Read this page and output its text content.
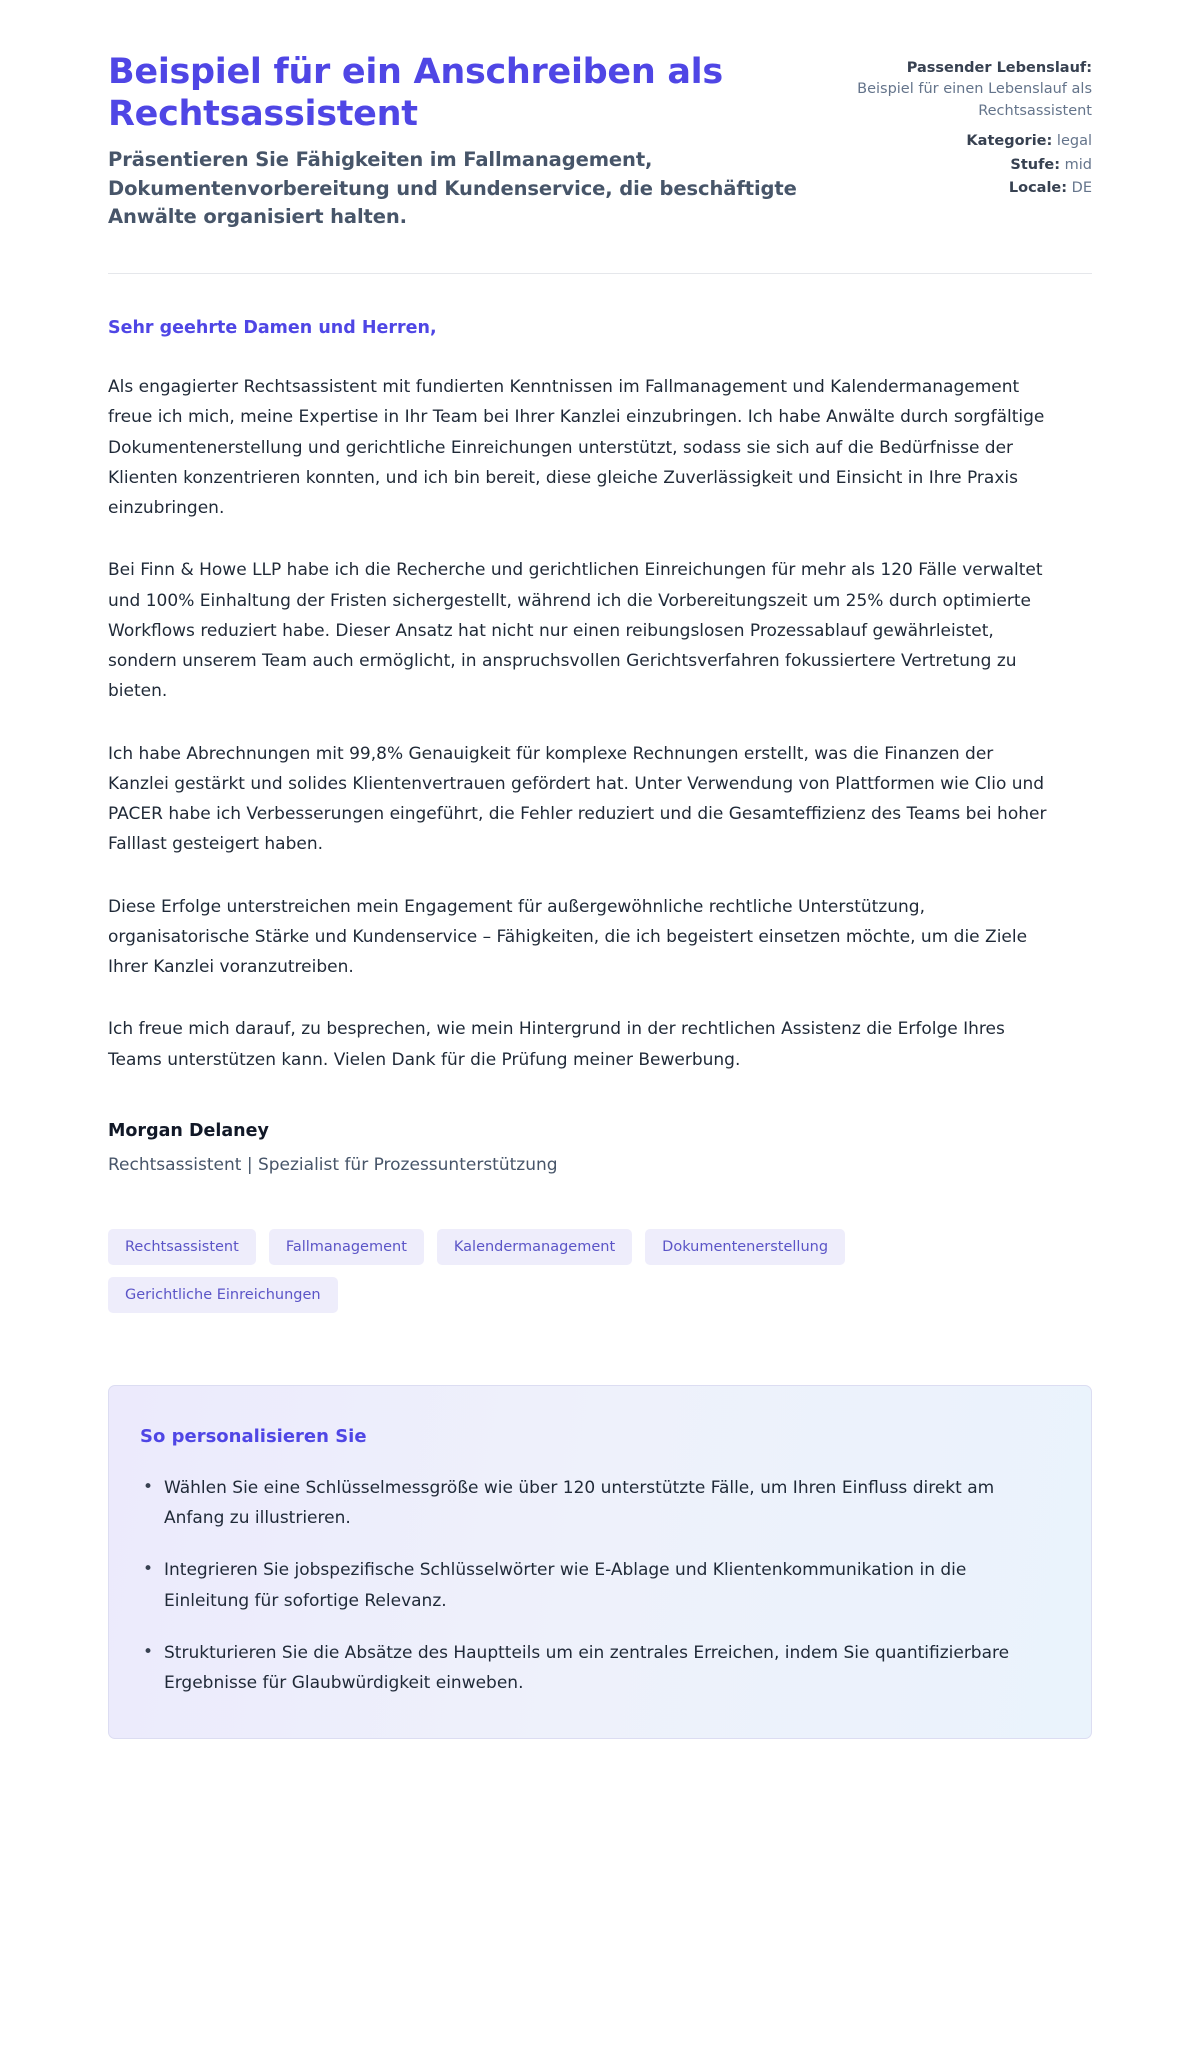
Beispiel für ein Anschreiben als Rechtsassistent

Präsentieren Sie Fähigkeiten im Fallmanagement, Dokumentenvorbereitung und Kundenservice, die beschäftigte Anwälte organisiert halten.

Passender Lebenslauf:
Beispiel für einen Lebenslauf als Rechtsassistent
Kategorie: legal
Stufe: mid
Locale: DE

Sehr geehrte Damen und Herren,

Als engagierter Rechtsassistent mit fundierten Kenntnissen im Fallmanagement und Kalendermanagement freue ich mich, meine Expertise in Ihr Team bei Ihrer Kanzlei einzubringen. Ich habe Anwälte durch sorgfältige Dokumentenerstellung und gerichtliche Einreichungen unterstützt, sodass sie sich auf die Bedürfnisse der Klienten konzentrieren konnten, und ich bin bereit, diese gleiche Zuverlässigkeit und Einsicht in Ihre Praxis einzubringen.

Bei Finn & Howe LLP habe ich die Recherche und gerichtlichen Einreichungen für mehr als 120 Fälle verwaltet und 100% Einhaltung der Fristen sichergestellt, während ich die Vorbereitungszeit um 25% durch optimierte Workflows reduziert habe. Dieser Ansatz hat nicht nur einen reibungslosen Prozessablauf gewährleistet, sondern unserem Team auch ermöglicht, in anspruchsvollen Gerichtsverfahren fokussiertere Vertretung zu bieten.

Ich habe Abrechnungen mit 99,8% Genauigkeit für komplexe Rechnungen erstellt, was die Finanzen der Kanzlei gestärkt und solides Klientenvertrauen gefördert hat. Unter Verwendung von Plattformen wie Clio und PACER habe ich Verbesserungen eingeführt, die Fehler reduziert und die Gesamteffizienz des Teams bei hoher Falllast gesteigert haben.

Diese Erfolge unterstreichen mein Engagement für außergewöhnliche rechtliche Unterstützung, organisatorische Stärke und Kundenservice – Fähigkeiten, die ich begeistert einsetzen möchte, um die Ziele Ihrer Kanzlei voranzutreiben.

Ich freue mich darauf, zu besprechen, wie mein Hintergrund in der rechtlichen Assistenz die Erfolge Ihres Teams unterstützen kann. Vielen Dank für die Prüfung meiner Bewerbung.

Morgan Delaney
Rechtsassistent | Spezialist für Prozessunterstützung
Rechtsassistent	Fallmanagement	Kalendermanagement	Dokumentenerstellung
Gerichtliche Einreichungen
So personalisieren Sie
• Wählen Sie eine Schlüsselmessgröße wie über 120 unterstützte Fälle, um Ihren Einfluss direkt am Anfang zu illustrieren.
• Integrieren Sie jobspezifische Schlüsselwörter wie E-Ablage und Klientenkommunikation in die Einleitung für sofortige Relevanz.
• Strukturieren Sie die Absätze des Hauptteils um ein zentrales Erreichen, indem Sie quantifizierbare Ergebnisse für Glaubwürdigkeit einweben.
